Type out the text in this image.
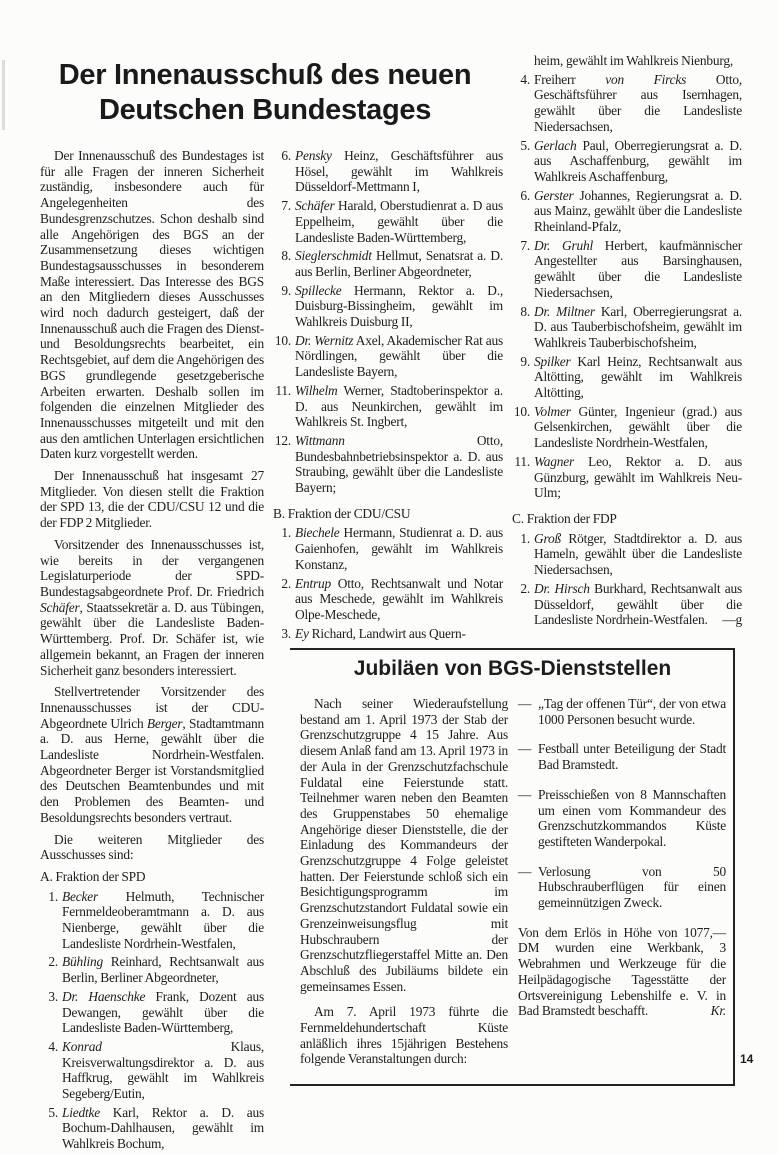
Der Innenausschuß des neuen
Deutschen Bundestages

Der Innenausschuß des Bundestages ist für alle Fragen der inneren Sicherheit zuständig, insbesondere auch für Angelegenheiten des Bundesgrenzschutzes. Schon deshalb sind alle Angehörigen des BGS an der Zusammensetzung dieses wichtigen Bundestagsausschusses in besonderem Maße interessiert. Das Interesse des BGS an den Mitgliedern dieses Ausschusses wird noch dadurch gesteigert, daß der Innenausschuß auch die Fragen des Dienst- und Besoldungsrechts bearbeitet, ein Rechtsgebiet, auf dem die Angehörigen des BGS grundlegende gesetzgeberische Arbeiten erwarten. Deshalb sollen im folgenden die einzelnen Mitglieder des Innenausschusses mitgeteilt und mit den aus den amtlichen Unterlagen ersichtlichen Daten kurz vorgestellt werden.

Der Innenausschuß hat insgesamt 27 Mitglieder. Von diesen stellt die Fraktion der SPD 13, die der CDU/CSU 12 und die der FDP 2 Mitglieder.

Vorsitzender des Innenausschusses ist, wie bereits in der vergangenen Legislaturperiode der SPD-Bundestagsabgeordnete Prof. Dr. Friedrich Schäfer, Staatssekretär a. D. aus Tübingen, gewählt über die Landesliste Baden-Württemberg. Prof. Dr. Schäfer ist, wie allgemein bekannt, an Fragen der inneren Sicherheit ganz besonders interessiert.

Stellvertretender Vorsitzender des Innenausschusses ist der CDU-Abgeordnete Ulrich Berger, Stadtamtmann a. D. aus Herne, gewählt über die Landesliste Nordrhein-Westfalen. Abgeordneter Berger ist Vorstandsmitglied des Deutschen Beamtenbundes und mit den Problemen des Beamten- und Besoldungsrechts besonders vertraut.

Die weiteren Mitglieder des Ausschusses sind:

A. Fraktion der SPD
1. Becker Helmuth, Technischer Fernmeldeoberamtmann a. D. aus Nienberge, gewählt über die Landesliste Nordrhein-Westfalen,
2. Bühling Reinhard, Rechtsanwalt aus Berlin, Berliner Abgeordneter,
3. Dr. Haenschke Frank, Dozent aus Dewangen, gewählt über die Landesliste Baden-Württemberg,
4. Konrad Klaus, Kreisverwaltungsdirektor a. D. aus Haffkrug, gewählt im Wahlkreis Segeberg/Eutin,
5. Liedtke Karl, Rektor a. D. aus Bochum-Dahlhausen, gewählt im Wahlkreis Bochum,
6. Pensky Heinz, Geschäftsführer aus Hösel, gewählt im Wahlkreis Düsseldorf-Mettmann I,
7. Schäfer Harald, Oberstudienrat a. D aus Eppelheim, gewählt über die Landesliste Baden-Württemberg,
8. Sieglerschmidt Hellmut, Senatsrat a. D. aus Berlin, Berliner Abgeordneter,
9. Spillecke Hermann, Rektor a. D., Duisburg-Bissingheim, gewählt im Wahlkreis Duisburg II,
10. Dr. Wernitz Axel, Akademischer Rat aus Nördlingen, gewählt über die Landesliste Bayern,
11. Wilhelm Werner, Stadtoberinspektor a. D. aus Neunkirchen, gewählt im Wahlkreis St. Ingbert,
12. Wittmann Otto, Bundesbahnbetriebsinspektor a. D. aus Straubing, gewählt über die Landesliste Bayern;
B. Fraktion der CDU/CSU
1. Biechele Hermann, Studienrat a. D. aus Gaienhofen, gewählt im Wahlkreis Konstanz,
2. Entrup Otto, Rechtsanwalt und Notar aus Meschede, gewählt im Wahlkreis Olpe-Meschede,
3. Ey Richard, Landwirt aus Quern-
heim, gewählt im Wahlkreis Nienburg,
4. Freiherr von Fircks Otto, Geschäftsführer aus Isernhagen, gewählt über die Landesliste Niedersachsen,
5. Gerlach Paul, Oberregierungsrat a. D. aus Aschaffenburg, gewählt im Wahlkreis Aschaffenburg,
6. Gerster Johannes, Regierungsrat a. D. aus Mainz, gewählt über die Landesliste Rheinland-Pfalz,
7. Dr. Gruhl Herbert, kaufmännischer Angestellter aus Barsinghausen, gewählt über die Landesliste Niedersachsen,
8. Dr. Miltner Karl, Oberregierungsrat a. D. aus Tauberbischofsheim, gewählt im Wahlkreis Tauberbischofsheim,
9. Spilker Karl Heinz, Rechtsanwalt aus Altötting, gewählt im Wahlkreis Altötting,
10. Volmer Günter, Ingenieur (grad.) aus Gelsenkirchen, gewählt über die Landesliste Nordrhein-Westfalen,
11. Wagner Leo, Rektor a. D. aus Günzburg, gewählt im Wahlkreis Neu-Ulm;
C. Fraktion der FDP
1. Groß Rötger, Stadtdirektor a. D. aus Hameln, gewählt über die Landesliste Niedersachsen,
2. Dr. Hirsch Burkhard, Rechtsanwalt aus Düsseldorf, gewählt über die Landesliste Nordrhein-Westfalen. —g
Jubiläen von BGS-Dienststellen

Nach seiner Wiederaufstellung bestand am 1. April 1973 der Stab der Grenzschutzgruppe 4 15 Jahre. Aus diesem Anlaß fand am 13. April 1973 in der Aula in der Grenzschutzfachschule Fuldatal eine Feierstunde statt. Teilnehmer waren neben den Beamten des Gruppenstabes 50 ehemalige Angehörige dieser Dienststelle, die der Einladung des Kommandeurs der Grenzschutzgruppe 4 Folge geleistet hatten. Der Feierstunde schloß sich ein Besichtigungsprogramm im Grenzschutzstandort Fuldatal sowie ein Grenzeinweisungsflug mit Hubschraubern der Grenzschutzfliegerstaffel Mitte an. Den Abschluß des Jubiläums bildete ein gemeinsames Essen.

Am 7. April 1973 führte die Fernmeldehundertschaft Küste anläßlich ihres 15jährigen Bestehens folgende Veranstaltungen durch:

— „Tag der offenen Tür“, der von etwa 1000 Personen besucht wurde.
— Festball unter Beteiligung der Stadt Bad Bramstedt.
— Preisschießen von 8 Mannschaften um einen vom Kommandeur des Grenzschutzkommandos Küste gestifteten Wanderpokal.
— Verlosung von 50 Hubschrauberflügen für einen gemeinnützigen Zweck.

Von dem Erlös in Höhe von 1077,— DM wurden eine Werkbank, 3 Webrahmen und Werkzeuge für die Heilpädagogische Tagesstätte der Ortsvereinigung Lebenshilfe e. V. in Bad Bramstedt beschafft.	Kr.

14
